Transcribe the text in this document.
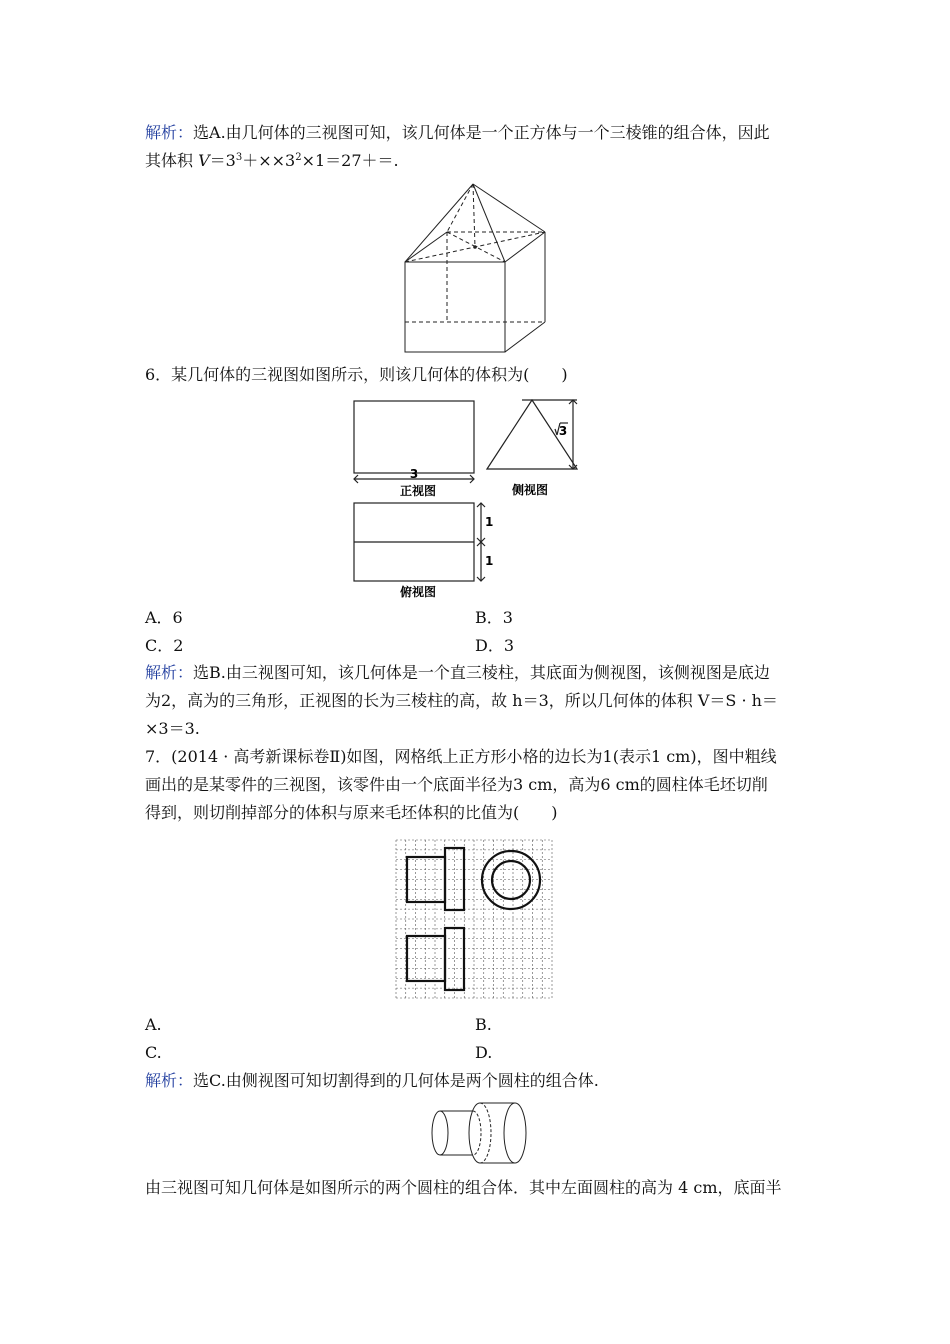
解析：选A.由几何体的三视图可知，该几何体是一个正方体与一个三棱锥的组合体，因此
其体积 $V=3^3+\times\times 3^2\times 1=27+=$.
6．某几何体的三视图如图所示，则该几何体的体积为(　　)
3
正视图
3
侧视图
1
1
俯视图
A．6	B．3
C．2	D．3
解析：选B.由三视图可知，该几何体是一个直三棱柱，其底面为侧视图，该侧视图是底边
为2，高为的三角形，正视图的长为三棱柱的高，故 h＝3，所以几何体的体积 V＝S · h＝
×3＝3.
7．(2014 · 高考新课标卷Ⅱ)如图，网格纸上正方形小格的边长为1(表示1 cm)，图中粗线
画出的是某零件的三视图，该零件由一个底面半径为3 cm，高为6 cm的圆柱体毛坯切削
得到，则切削掉部分的体积与原来毛坯体积的比值为(　　)
A.	B.
C.	D.
解析：选C.由侧视图可知切割得到的几何体是两个圆柱的组合体.
由三视图可知几何体是如图所示的两个圆柱的组合体．其中左面圆柱的高为 4 cm，底面半
